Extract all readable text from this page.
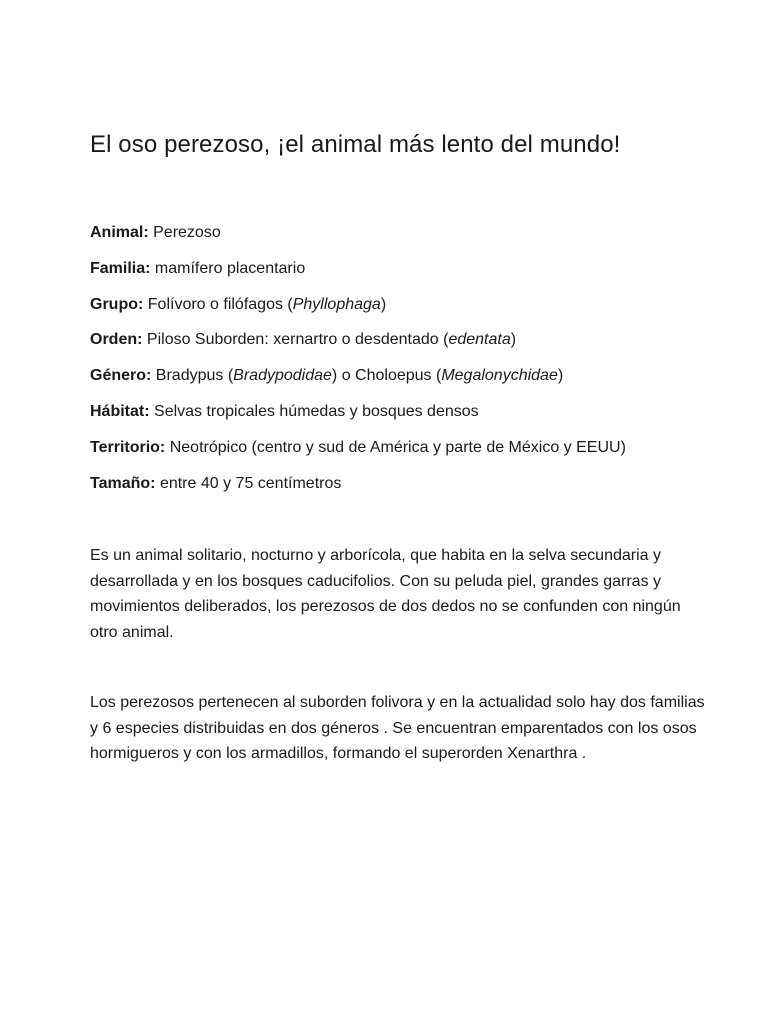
El oso perezoso, ¡el animal más lento del mundo!
Animal: Perezoso
Familia: mamífero placentario
Grupo: Folívoro o filófagos (Phyllophaga)
Orden: Piloso Suborden: xernartro o desdentado (edentata)
Género: Bradypus (Bradypodidae) o Choloepus (Megalonychidae)
Hábitat: Selvas tropicales húmedas y bosques densos
Territorio: Neotrópico (centro y sud de América y parte de México y EEUU)
Tamaño: entre 40 y 75 centímetros

Es un animal solitario, nocturno y arborícola, que habita en la selva secundaria y desarrollada y en los bosques caducifolios. Con su peluda piel, grandes garras y movimientos deliberados, los perezosos de dos dedos no se confunden con ningún otro animal.

Los perezosos pertenecen al suborden folivora y en la actualidad solo hay dos familias y 6 especies distribuidas en dos géneros . Se encuentran emparentados con los osos hormigueros y con los armadillos, formando el superorden Xenarthra .
